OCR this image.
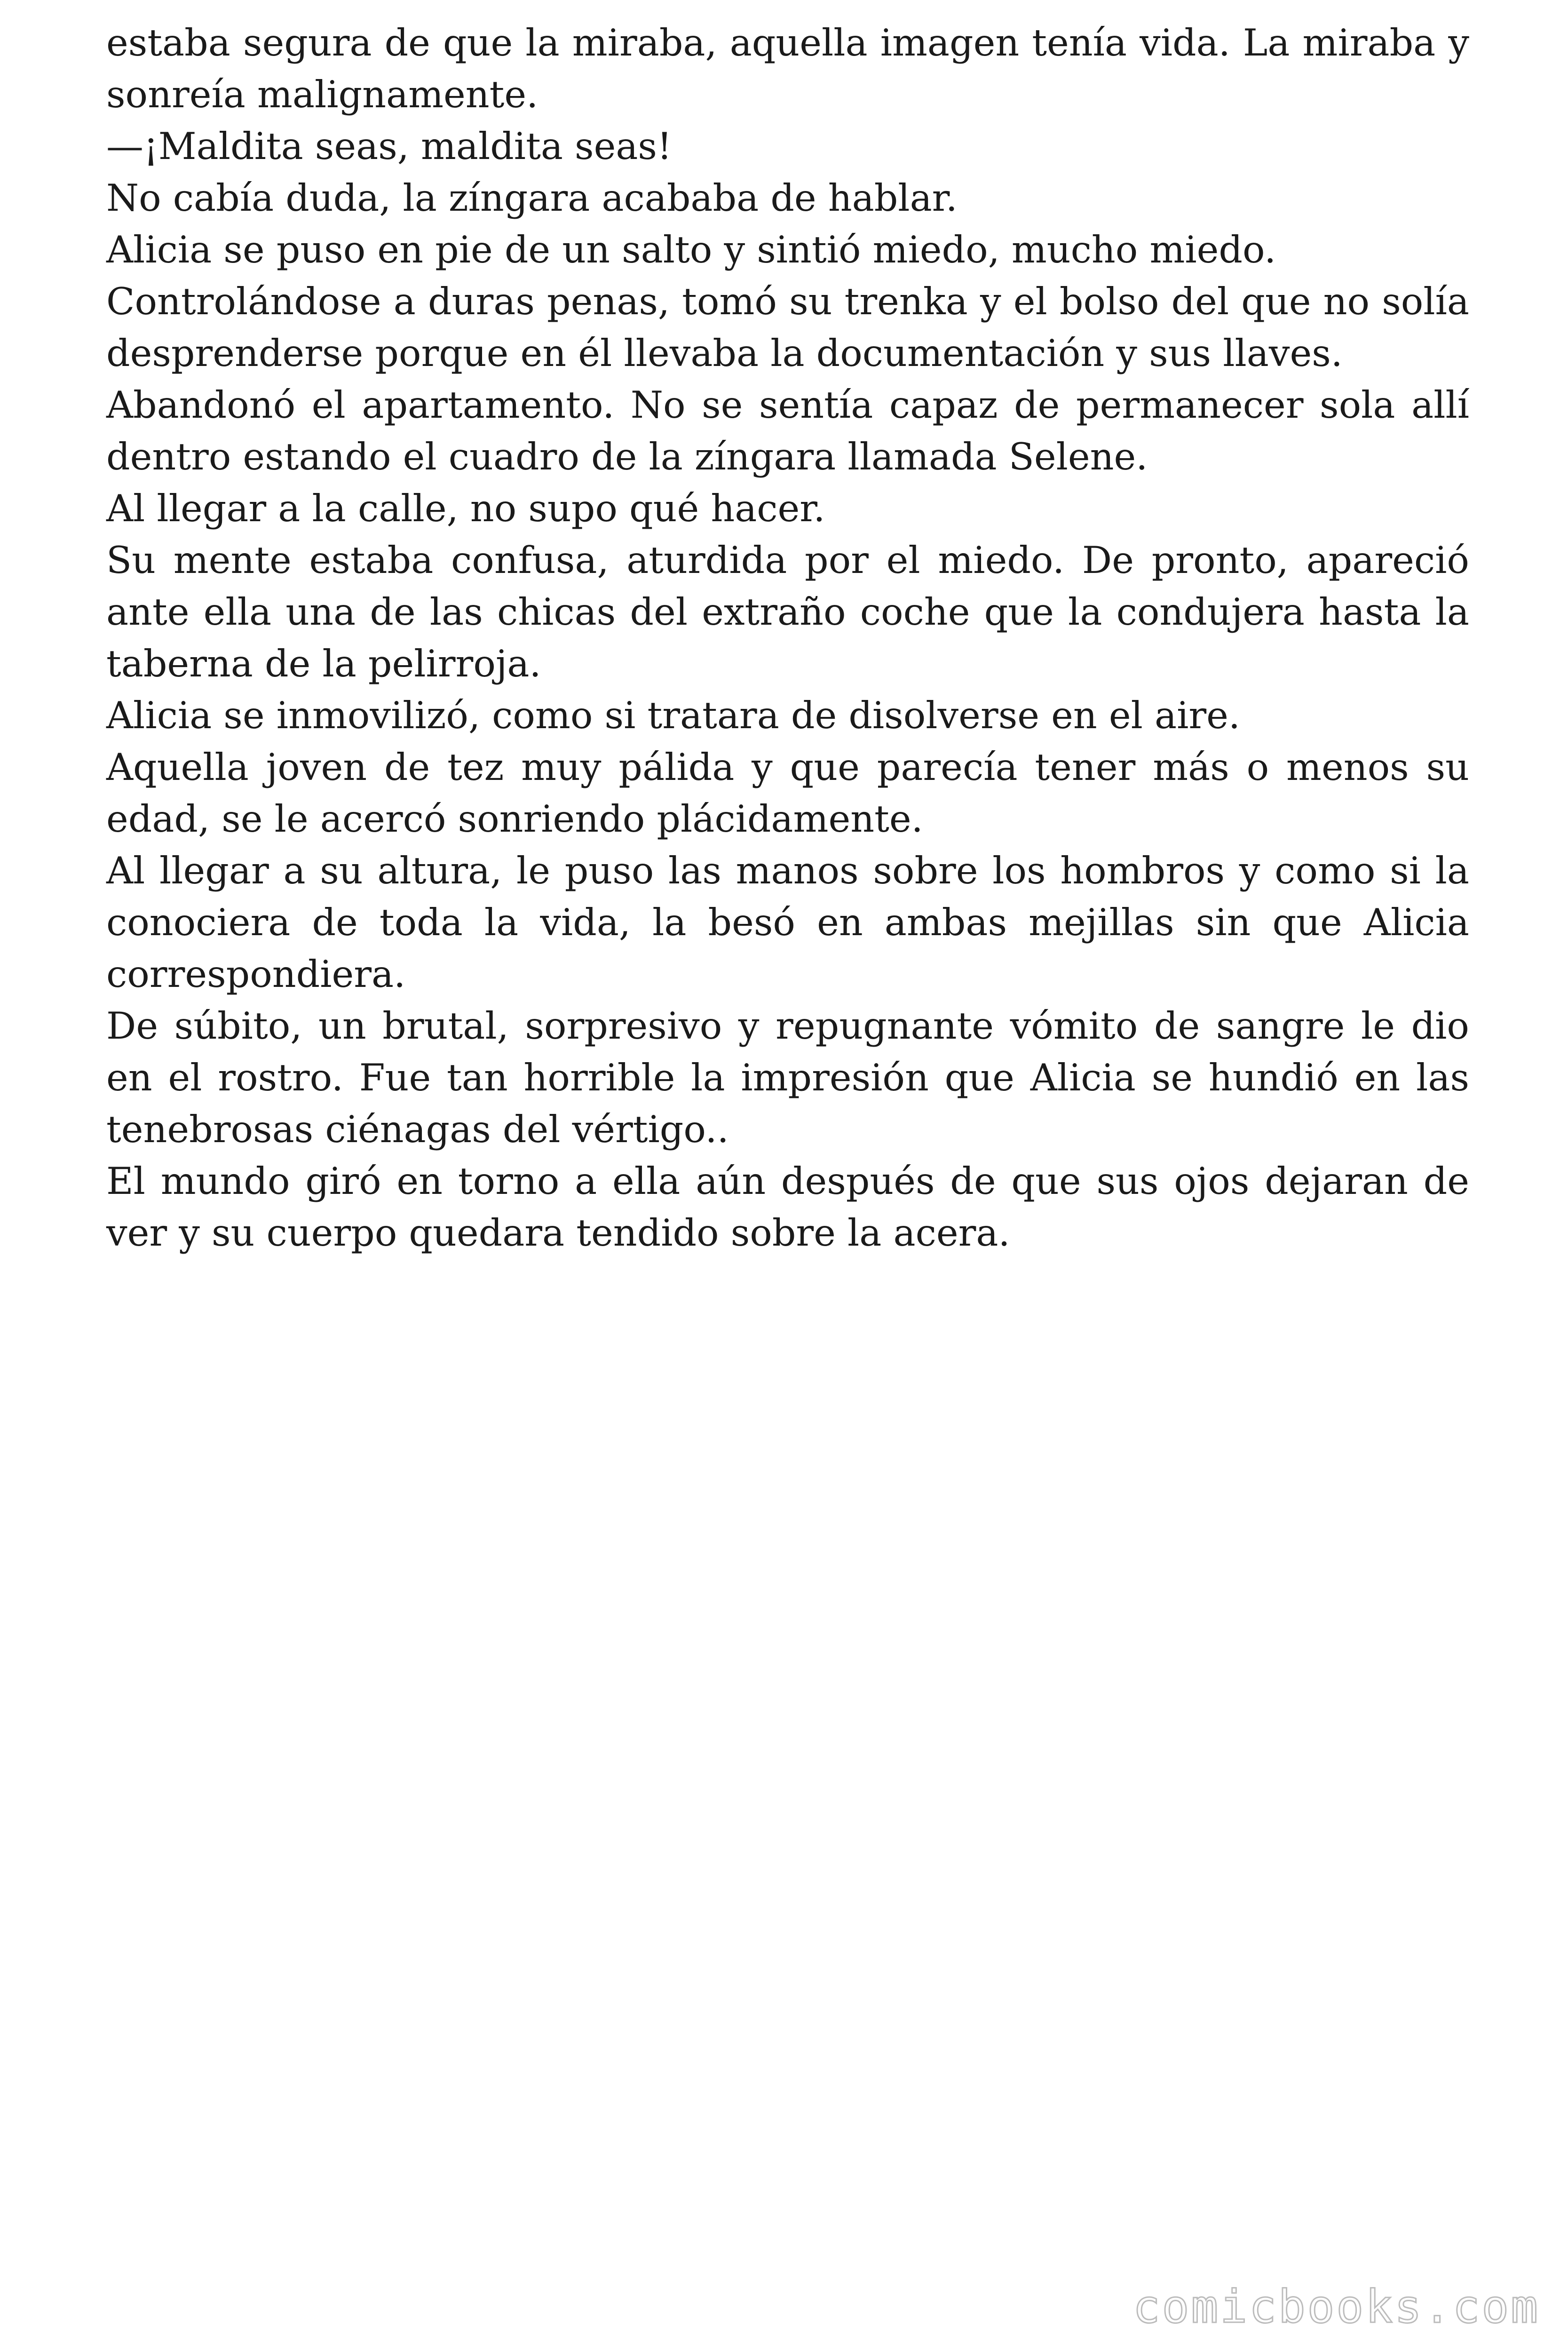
estaba segura de que la miraba, aquella imagen tenía vida. La miraba y sonreía malignamente.

—¡Maldita seas, maldita seas!

No cabía duda, la zíngara acababa de hablar.

Alicia se puso en pie de un salto y sintió miedo, mucho miedo.

Controlándose a duras penas, tomó su trenka y el bolso del que no solía desprenderse porque en él llevaba la documentación y sus llaves.

Abandonó el apartamento. No se sentía capaz de permanecer sola allí dentro estando el cuadro de la zíngara llamada Selene.

Al llegar a la calle, no supo qué hacer.

Su mente estaba confusa, aturdida por el miedo. De pronto, apareció ante ella una de las chicas del extraño coche que la condujera hasta la taberna de la pelirroja.

Alicia se inmovilizó, como si tratara de disolverse en el aire.

Aquella joven de tez muy pálida y que parecía tener más o menos su edad, se le acercó sonriendo plácidamente.

Al llegar a su altura, le puso las manos sobre los hombros y como si la conociera de toda la vida, la besó en ambas mejillas sin que Alicia correspondiera.

De súbito, un brutal, sorpresivo y repugnante vómito de sangre le dio en el rostro. Fue tan horrible la impresión que Alicia se hundió en las tenebrosas ciénagas del vértigo..

El mundo giró en torno a ella aún después de que sus ojos dejaran de ver y su cuerpo quedara tendido sobre la acera.

comicbooks.com
